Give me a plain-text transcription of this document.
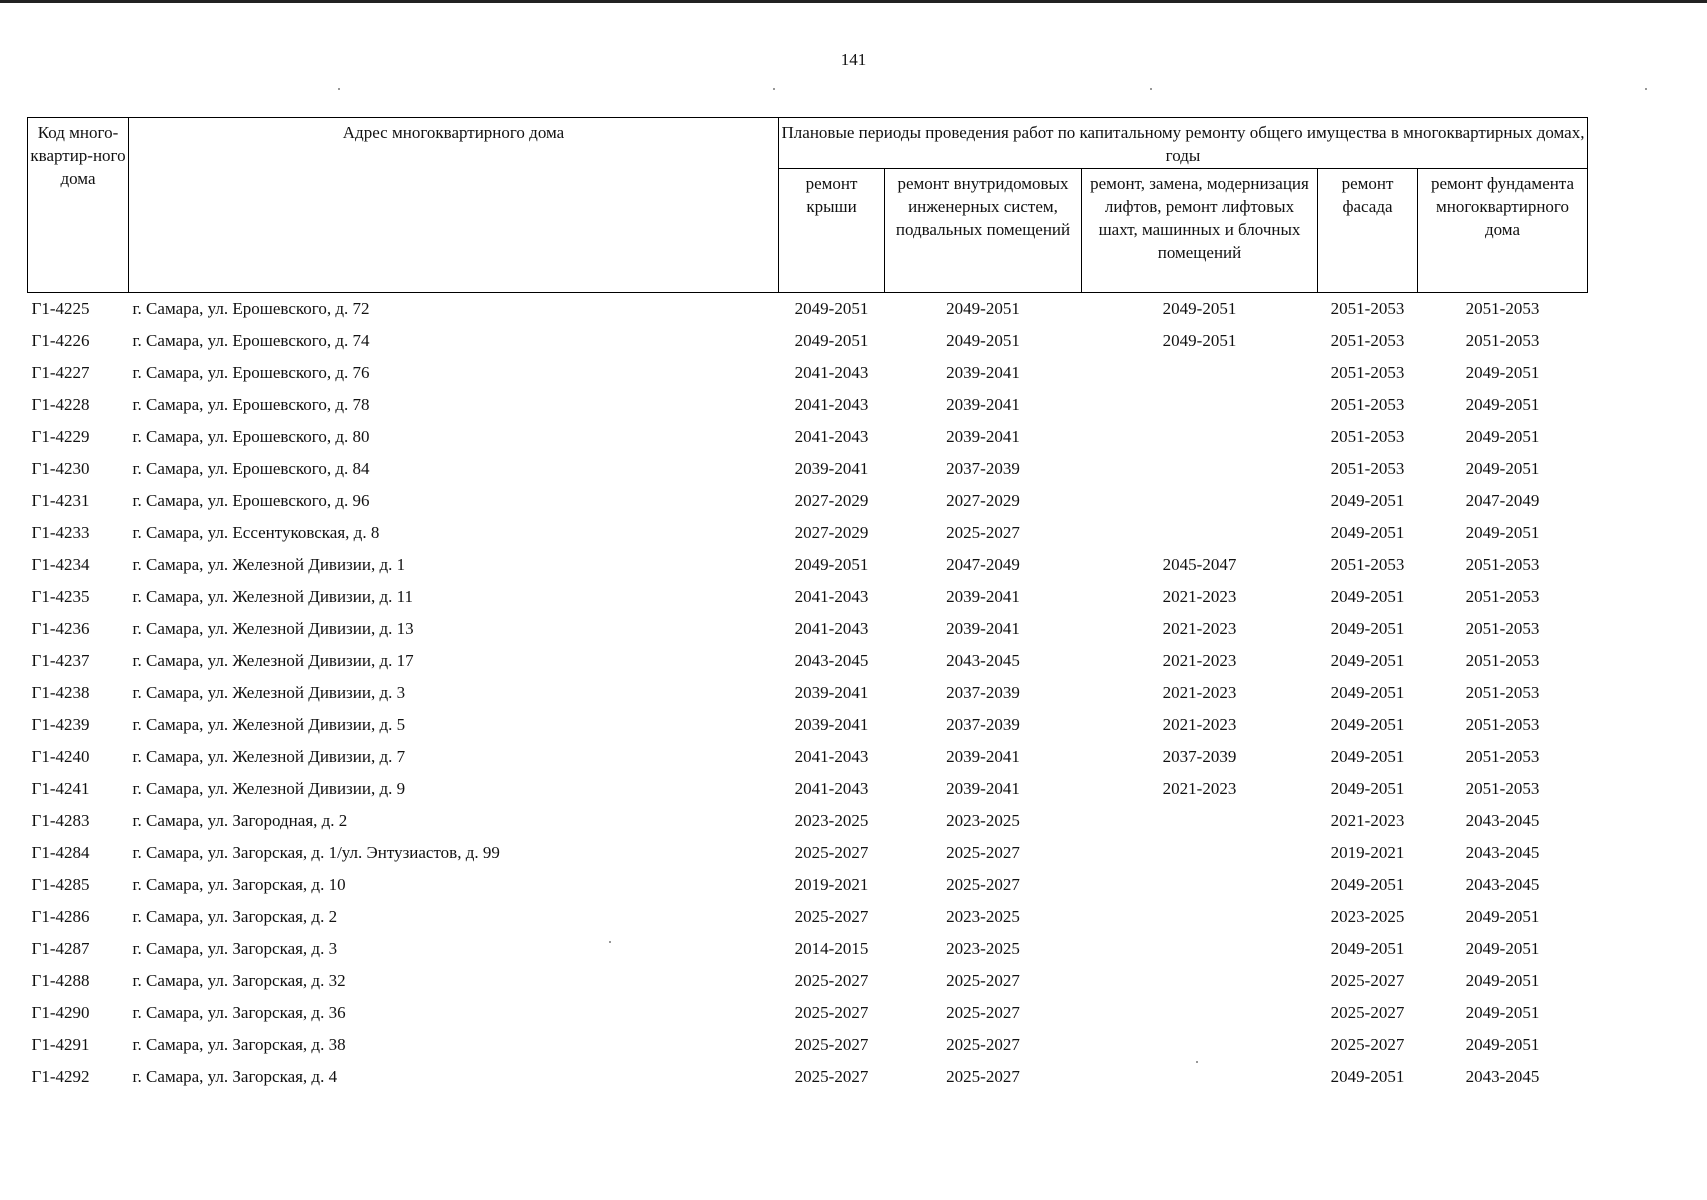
141
Код много-квартир-ного дома	Адрес многоквартирного дома	Плановые периоды проведения работ по капитальному ремонту общего имущества в многоквартирных домах, годы				
		ремонт крыши	ремонт внутридомовых инженерных систем, подвальных помещений	ремонт, замена, модернизация лифтов, ремонт лифтовых шахт, машинных и блочных помещений	ремонт фасада	ремонт фундамента многоквартирного дома
Г1-4225	г. Самара, ул. Ерошевского, д. 72	2049-2051	2049-2051	2049-2051	2051-2053	2051-2053
Г1-4226	г. Самара, ул. Ерошевского, д. 74	2049-2051	2049-2051	2049-2051	2051-2053	2051-2053
Г1-4227	г. Самара, ул. Ерошевского, д. 76	2041-2043	2039-2041		2051-2053	2049-2051
Г1-4228	г. Самара, ул. Ерошевского, д. 78	2041-2043	2039-2041		2051-2053	2049-2051
Г1-4229	г. Самара, ул. Ерошевского, д. 80	2041-2043	2039-2041		2051-2053	2049-2051
Г1-4230	г. Самара, ул. Ерошевского, д. 84	2039-2041	2037-2039		2051-2053	2049-2051
Г1-4231	г. Самара, ул. Ерошевского, д. 96	2027-2029	2027-2029		2049-2051	2047-2049
Г1-4233	г. Самара, ул. Ессентуковская, д. 8	2027-2029	2025-2027		2049-2051	2049-2051
Г1-4234	г. Самара, ул. Железной Дивизии, д. 1	2049-2051	2047-2049	2045-2047	2051-2053	2051-2053
Г1-4235	г. Самара, ул. Железной Дивизии, д. 11	2041-2043	2039-2041	2021-2023	2049-2051	2051-2053
Г1-4236	г. Самара, ул. Железной Дивизии, д. 13	2041-2043	2039-2041	2021-2023	2049-2051	2051-2053
Г1-4237	г. Самара, ул. Железной Дивизии, д. 17	2043-2045	2043-2045	2021-2023	2049-2051	2051-2053
Г1-4238	г. Самара, ул. Железной Дивизии, д. 3	2039-2041	2037-2039	2021-2023	2049-2051	2051-2053
Г1-4239	г. Самара, ул. Железной Дивизии, д. 5	2039-2041	2037-2039	2021-2023	2049-2051	2051-2053
Г1-4240	г. Самара, ул. Железной Дивизии, д. 7	2041-2043	2039-2041	2037-2039	2049-2051	2051-2053
Г1-4241	г. Самара, ул. Железной Дивизии, д. 9	2041-2043	2039-2041	2021-2023	2049-2051	2051-2053
Г1-4283	г. Самара, ул. Загородная, д. 2	2023-2025	2023-2025		2021-2023	2043-2045
Г1-4284	г. Самара, ул. Загорская, д. 1/ул. Энтузиастов, д. 99	2025-2027	2025-2027		2019-2021	2043-2045
Г1-4285	г. Самара, ул. Загорская, д. 10	2019-2021	2025-2027		2049-2051	2043-2045
Г1-4286	г. Самара, ул. Загорская, д. 2	2025-2027	2023-2025		2023-2025	2049-2051
Г1-4287	г. Самара, ул. Загорская, д. 3	2014-2015	2023-2025		2049-2051	2049-2051
Г1-4288	г. Самара, ул. Загорская, д. 32	2025-2027	2025-2027		2025-2027	2049-2051
Г1-4290	г. Самара, ул. Загорская, д. 36	2025-2027	2025-2027		2025-2027	2049-2051
Г1-4291	г. Самара, ул. Загорская, д. 38	2025-2027	2025-2027		2025-2027	2049-2051
Г1-4292	г. Самара, ул. Загорская, д. 4	2025-2027	2025-2027		2049-2051	2043-2045
